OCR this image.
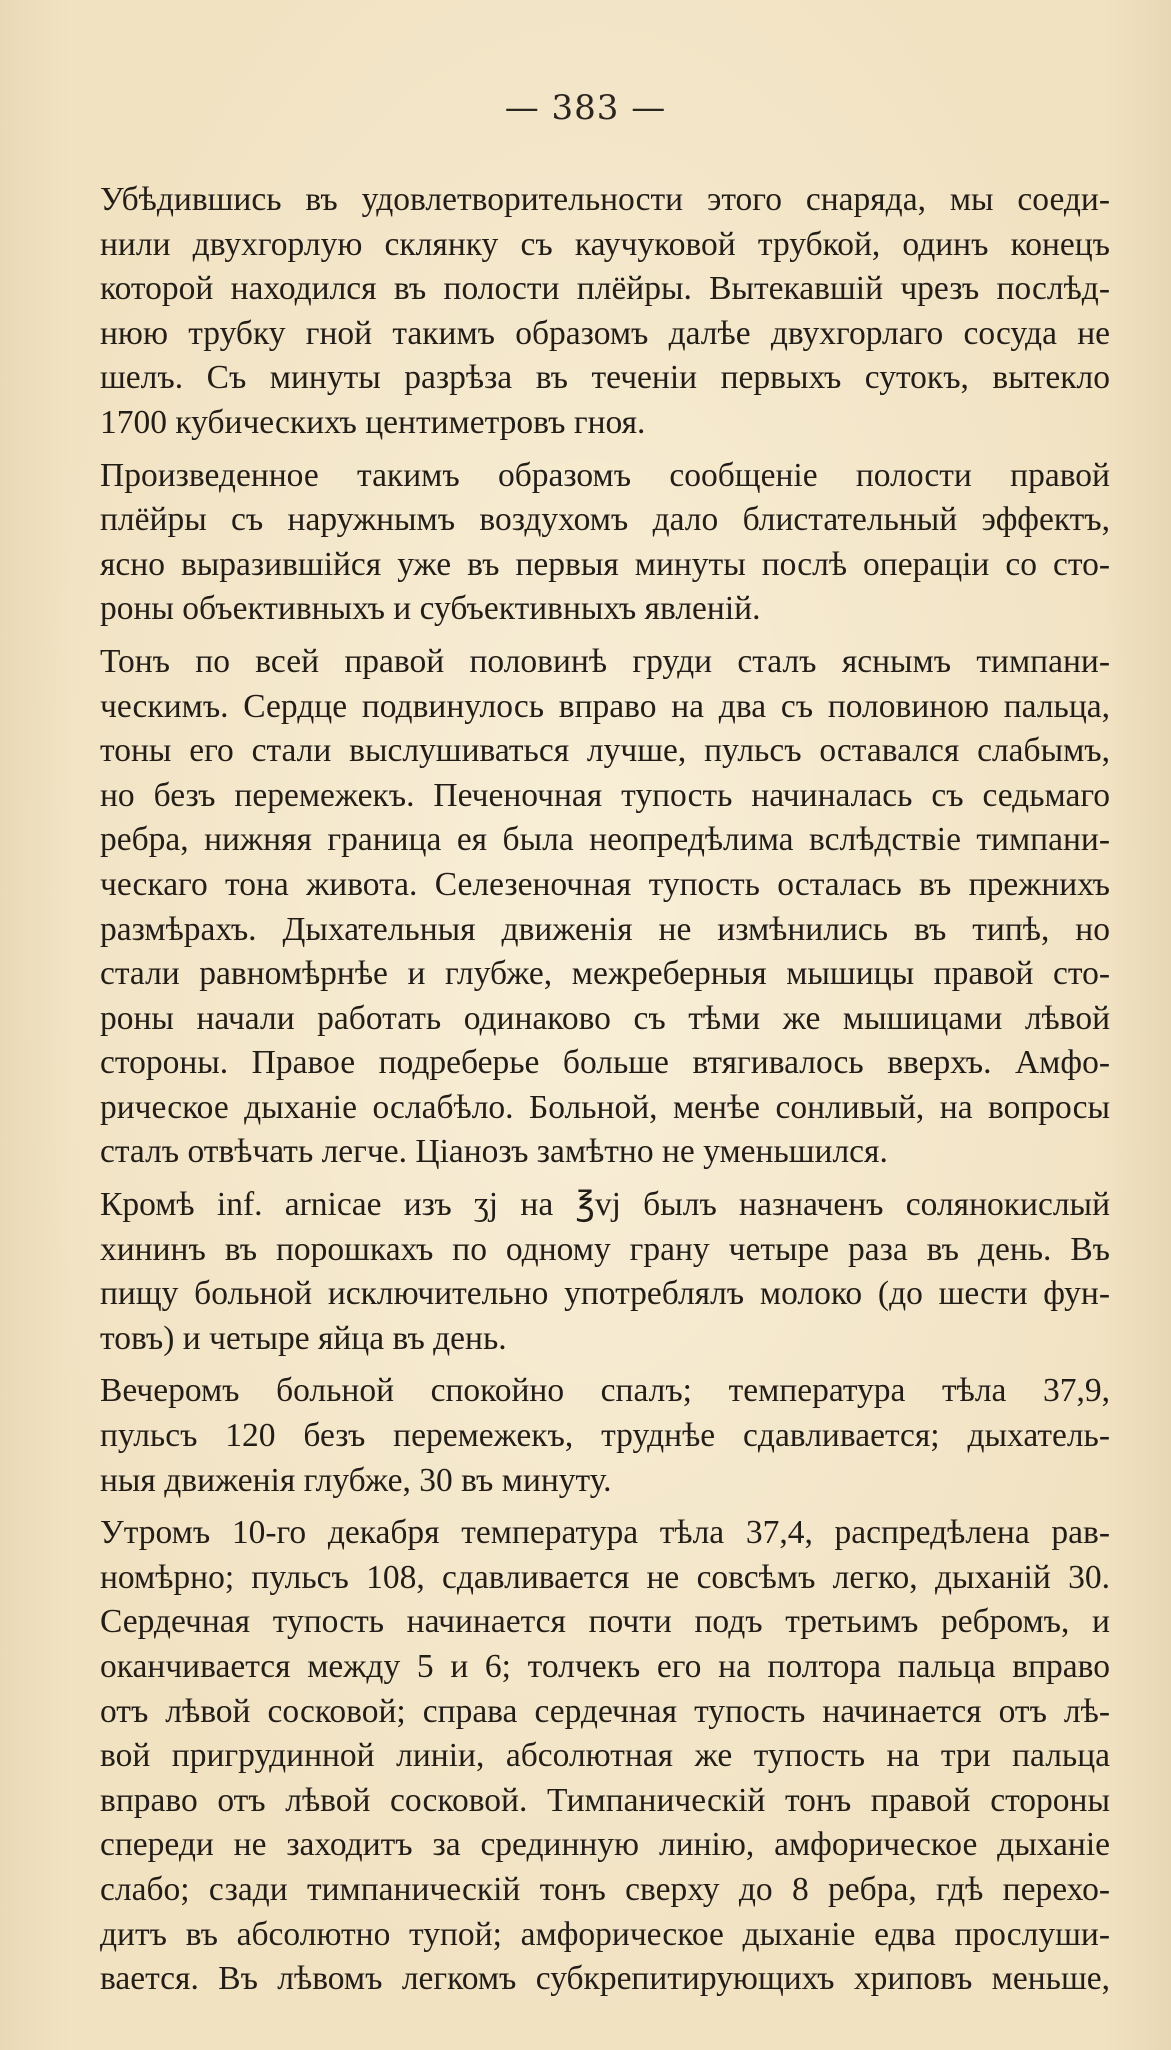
— 383 —
Убѣдившись въ удовлетворительности этого снаряда, мы соеди-
нили двухгорлую склянку съ каучуковой трубкой, одинъ конецъ
которой находился въ полости плёйры. Вытекавшій чрезъ послѣд-
нюю трубку гной такимъ образомъ далѣе двухгорлаго сосуда не
шелъ. Съ минуты разрѣза въ теченіи первыхъ сутокъ, вытекло
1700 кубическихъ центиметровъ гноя.
Произведенное такимъ образомъ сообщеніе полости правой
плёйры съ наружнымъ воздухомъ дало блистательный эффектъ,
ясно выразившійся уже въ первыя минуты послѣ операціи со сто-
роны объективныхъ и субъективныхъ явленій.
Тонъ по всей правой половинѣ груди сталъ яснымъ тимпани-
ческимъ. Сердце подвинулось вправо на два съ половиною пальца,
тоны его стали выслушиваться лучше, пульсъ оставался слабымъ,
но безъ перемежекъ. Печеночная тупость начиналась съ седьмаго
ребра, нижняя граница ея была неопредѣлима вслѣдствіе тимпани-
ческаго тона живота. Селезеночная тупость осталась въ прежнихъ
размѣрахъ. Дыхательныя движенія не измѣнились въ типѣ, но
стали равномѣрнѣе и глубже, межреберныя мышицы правой сто-
роны начали работать одинаково съ тѣми же мышицами лѣвой
стороны. Правое подреберье больше втягивалось вверхъ. Амфо-
рическое дыханіе ослабѣло. Больной, менѣе сонливый, на вопросы
сталъ отвѣчать легче. Ціанозъ замѣтно не уменьшился.
Кромѣ inf. arnicae изъ ʒj на ℥vj былъ назначенъ солянокислый
хининъ въ порошкахъ по одному грану четыре раза въ день. Въ
пищу больной исключительно употреблялъ молоко (до шести фун-
товъ) и четыре яйца въ день.
Вечеромъ больной спокойно спалъ; температура тѣла 37,9,
пульсъ 120 безъ перемежекъ, труднѣе сдавливается; дыхатель-
ныя движенія глубже, 30 въ минуту.
Утромъ 10-го декабря температура тѣла 37,4, распредѣлена рав-
номѣрно; пульсъ 108, сдавливается не совсѣмъ легко, дыханій 30.
Сердечная тупость начинается почти подъ третьимъ ребромъ, и
оканчивается между 5 и 6; толчекъ его на полтора пальца вправо
отъ лѣвой сосковой; справа сердечная тупость начинается отъ лѣ-
вой пригрудинной линіи, абсолютная же тупость на три пальца
вправо отъ лѣвой сосковой. Тимпаническій тонъ правой стороны
спереди не заходитъ за срединную линію, амфорическое дыханіе
слабо; сзади тимпаническій тонъ сверху до 8 ребра, гдѣ перехо-
дитъ въ абсолютно тупой; амфорическое дыханіе едва прослуши-
вается. Въ лѣвомъ легкомъ субкрепитирующихъ хриповъ меньше,
